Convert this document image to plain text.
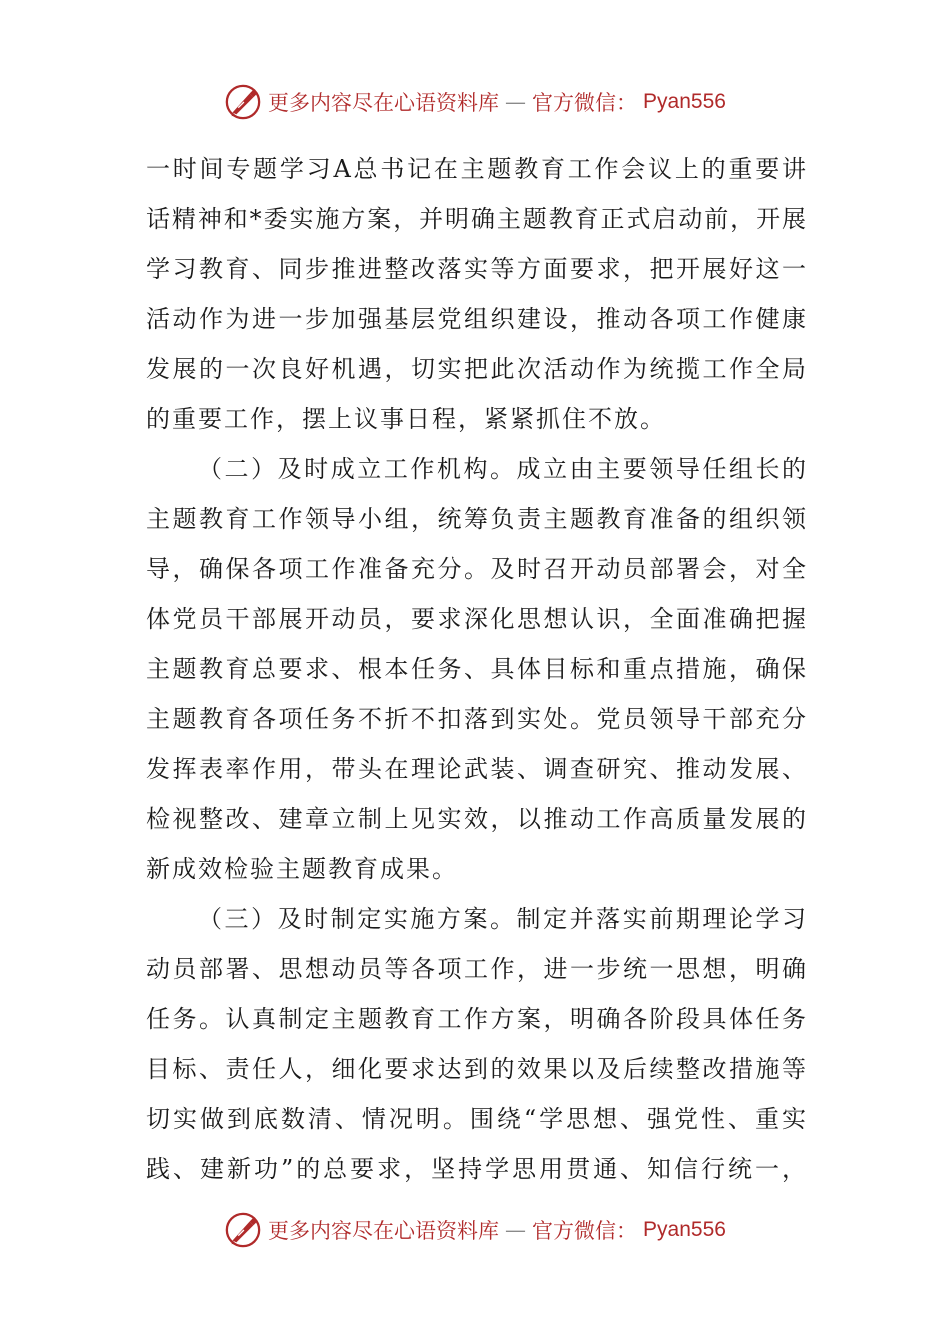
更多内容尽在心语资料库 — 官方微信： Pyan556
一时间专题学习A总书记在主题教育工作会议上的重要讲
话精神和*委实施方案，并明确主题教育正式启动前，开展
学习教育、同步推进整改落实等方面要求，把开展好这一
活动作为进一步加强基层党组织建设，推动各项工作健康
发展的一次良好机遇，切实把此次活动作为统揽工作全局
的重要工作，摆上议事日程，紧紧抓住不放。
（二）及时成立工作机构。成立由主要领导任组长的
主题教育工作领导小组，统筹负责主题教育准备的组织领
导，确保各项工作准备充分。及时召开动员部署会，对全
体党员干部展开动员，要求深化思想认识，全面准确把握
主题教育总要求、根本任务、具体目标和重点措施，确保
主题教育各项任务不折不扣落到实处。党员领导干部充分
发挥表率作用，带头在理论武装、调查研究、推动发展、
检视整改、建章立制上见实效，以推动工作高质量发展的
新成效检验主题教育成果。
（三）及时制定实施方案。制定并落实前期理论学习
动员部署、思想动员等各项工作，进一步统一思想，明确
任务。认真制定主题教育工作方案，明确各阶段具体任务
目标、责任人，细化要求达到的效果以及后续整改措施等
切实做到底数清、情况明。围绕“学思想、强党性、重实
践、建新功”的总要求，坚持学思用贯通、知信行统一，
更多内容尽在心语资料库 — 官方微信： Pyan556
